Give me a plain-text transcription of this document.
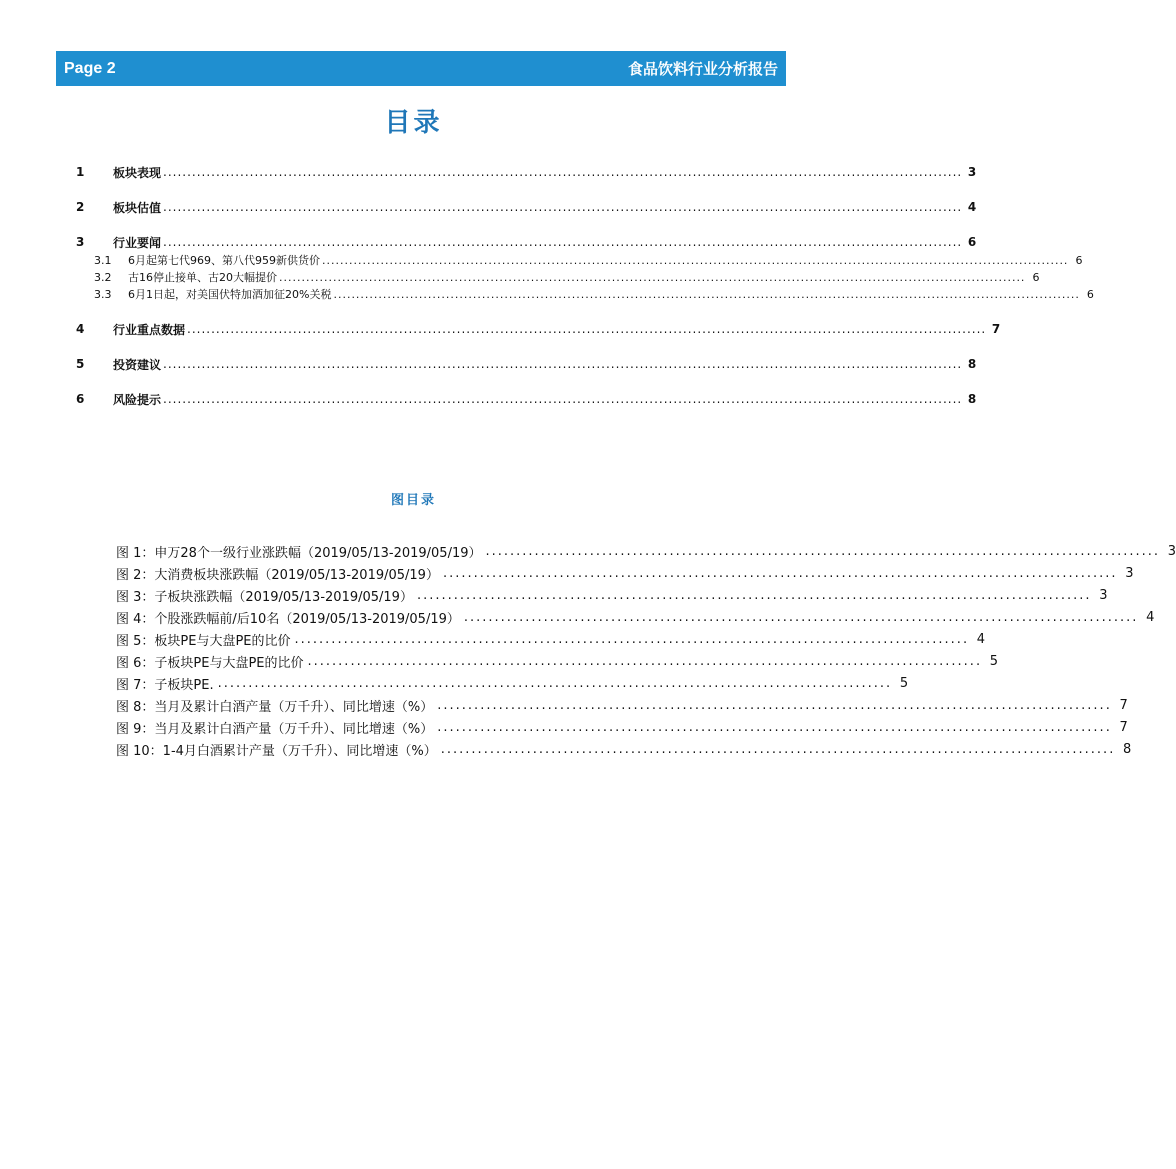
Page 2	食品饮料行业分析报告
目录
1	板块表现 ...................................................................................................................................................................... 3
2	板块估值 ...................................................................................................................................................................... 4
3	行业要闻 ...................................................................................................................................................................... 6
3.1	6月起第七代969、第八代959新供货价 ...................................................................................................................................................................... 6
3.2	古16停止接单、古20大幅提价 ...................................................................................................................................................................... 6
3.3	6月1日起，对美国伏特加酒加征20%关税 ...................................................................................................................................................................... 6
4	行业重点数据 ...................................................................................................................................................................... 7
5	投资建议 ...................................................................................................................................................................... 8
6	风险提示 ...................................................................................................................................................................... 8
图目录
图 1：申万28个一级行业涨跌幅（2019/05/13-2019/05/19） .............................................................................................................. 3
图 2：大消费板块涨跌幅（2019/05/13-2019/05/19） .............................................................................................................. 3
图 3：子板块涨跌幅（2019/05/13-2019/05/19） .............................................................................................................. 3
图 4：个股涨跌幅前/后10名（2019/05/13-2019/05/19） .............................................................................................................. 4
图 5：板块PE与大盘PE的比价 .............................................................................................................. 4
图 6：子板块PE与大盘PE的比价 .............................................................................................................. 5
图 7：子板块PE. .............................................................................................................. 5
图 8：当月及累计白酒产量（万千升）、同比增速（%） .............................................................................................................. 7
图 9：当月及累计白酒产量（万千升）、同比增速（%） .............................................................................................................. 7
图 10：1-4月白酒累计产量（万千升）、同比增速（%） .............................................................................................................. 8
